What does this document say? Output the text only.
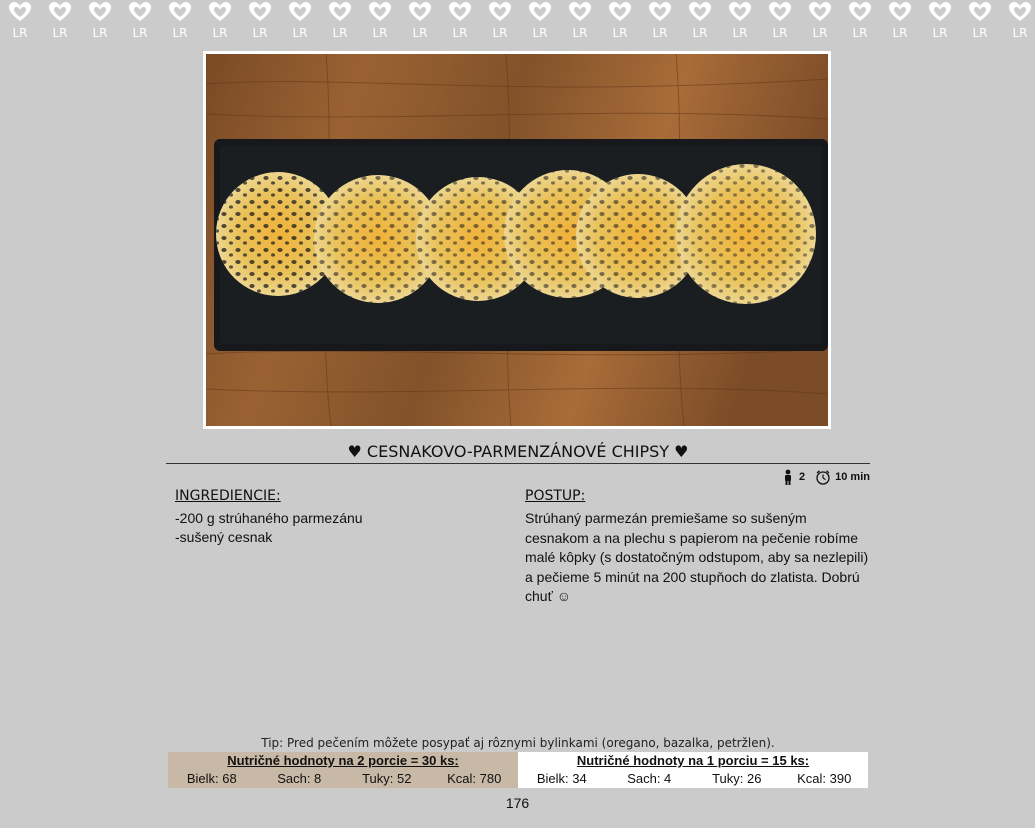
LR	LR	LR	LR	LR	LR	LR	LR	LR	LR	LR	LR	LR	LR	LR	LR	LR	LR	LR	LR	LR	LR	LR	LR	LR	LR
♥ CESNAKOVO-PARMENZÁNOVÉ CHIPSY ♥
2	10 min
INGREDIENCIE:
-200 g strúhaného parmezánu
-sušený cesnak
POSTUP:
Strúhaný parmezán premiešame so sušeným cesnakom a na plechu s papierom na pečenie robíme malé kôpky (s dostatočným odstupom, aby sa nezlepili) a pečieme 5 minút na 200 stupňoch do zlatista. Dobrú chuť ☺
Tip: Pred pečením môžete posypať aj rôznymi bylinkami (oregano, bazalka, petržlen).
Nutričné hodnoty na 2 porcie = 30 ks:
Bielk: 68	Sach: 8	Tuky: 52	Kcal: 780
Nutričné hodnoty na 1 porciu = 15 ks:
Bielk: 34	Sach: 4	Tuky: 26	Kcal: 390
176
